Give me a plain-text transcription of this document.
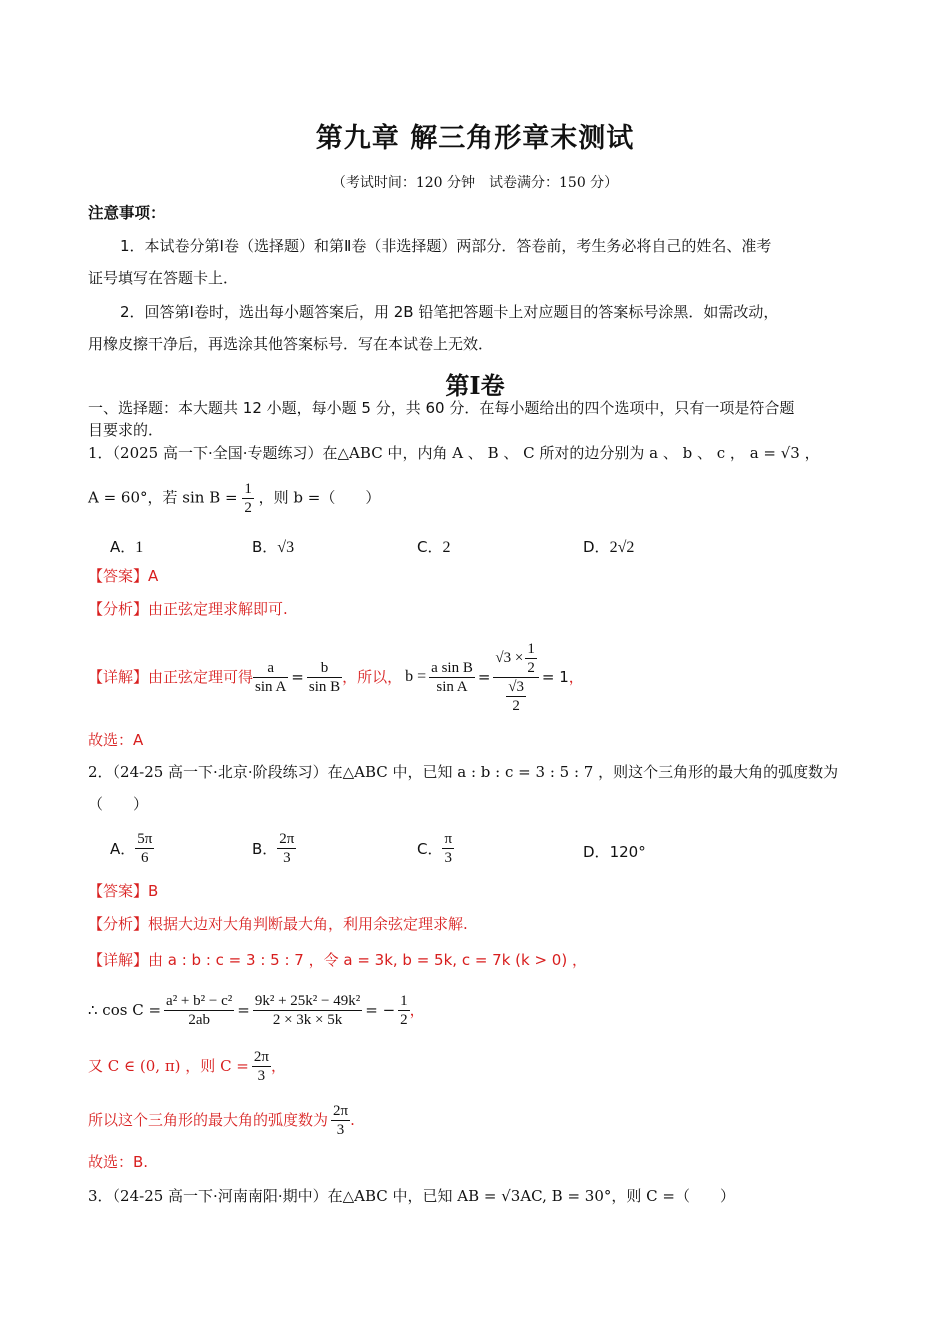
第九章 解三角形章末测试
（考试时间：120 分钟　试卷满分：150 分）
注意事项：
1．本试卷分第Ⅰ卷（选择题）和第Ⅱ卷（非选择题）两部分．答卷前，考生务必将自己的姓名、准考
证号填写在答题卡上．
2．回答第Ⅰ卷时，选出每小题答案后，用 2B 铅笔把答题卡上对应题目的答案标号涂黑．如需改动，
用橡皮擦干净后，再选涂其他答案标号．写在本试卷上无效．
第Ⅰ卷
一、选择题：本大题共 12 小题，每小题 5 分，共 60 分．在每小题给出的四个选项中，只有一项是符合题
目要求的．
1．（2025 高一下·全国·专题练习）在△ABC 中，内角 A 、 B 、 C 所对的边分别为 a 、 b 、 c ， a = √3 ，
A = 60°，若 $\sin B = \frac{1}{2}$ ，则 b =（　　）
A．1	B．√3	C．2	D．2√2
【答案】A
【分析】由正弦定理求解即可.
【详解】由正弦定理可得 $\frac{a}{\text{sin A}} = \frac{b}{\text{sin B}}$ ，所以， $b = \frac{\text{a sin B}}{\text{sin A}} = \frac{√3 \times \frac{1}{2}}{\frac{√3}{2}} = 1$ ，
故选：A
2．（24-25 高一下·北京·阶段练习）在△ABC 中，已知 a : b : c = 3 : 5 : 7 ，则这个三角形的最大角的弧度数为
（　　）
A． $\frac{5\pi}{6}$	B． $\frac{2\pi}{3}$	C． $\frac{\pi}{3}$	D．120°
【答案】B
【分析】根据大边对大角判断最大角，利用余弦定理求解.
【详解】由 a : b : c = 3 : 5 : 7 ，令 a = 3k, b = 5k, c = 7k (k > 0) ，
∴ $\cos C = \frac{\text{a² + b² − c²}}{2ab} = \frac{\text{9k² + 25k² − 49k²}}{2 \times 3k \times 5k}$ = − $\frac{1}{2}$ ，
又 C ∈ (0, π) ，则 $C = \frac{2\pi}{3}$ ，
所以这个三角形的最大角的弧度数为 $\frac{2\pi}{3}$ .
故选：B.
3．（24-25 高一下·河南南阳·期中）在△ABC 中，已知 AB = √3AC, B = 30°，则 C =（　　）
